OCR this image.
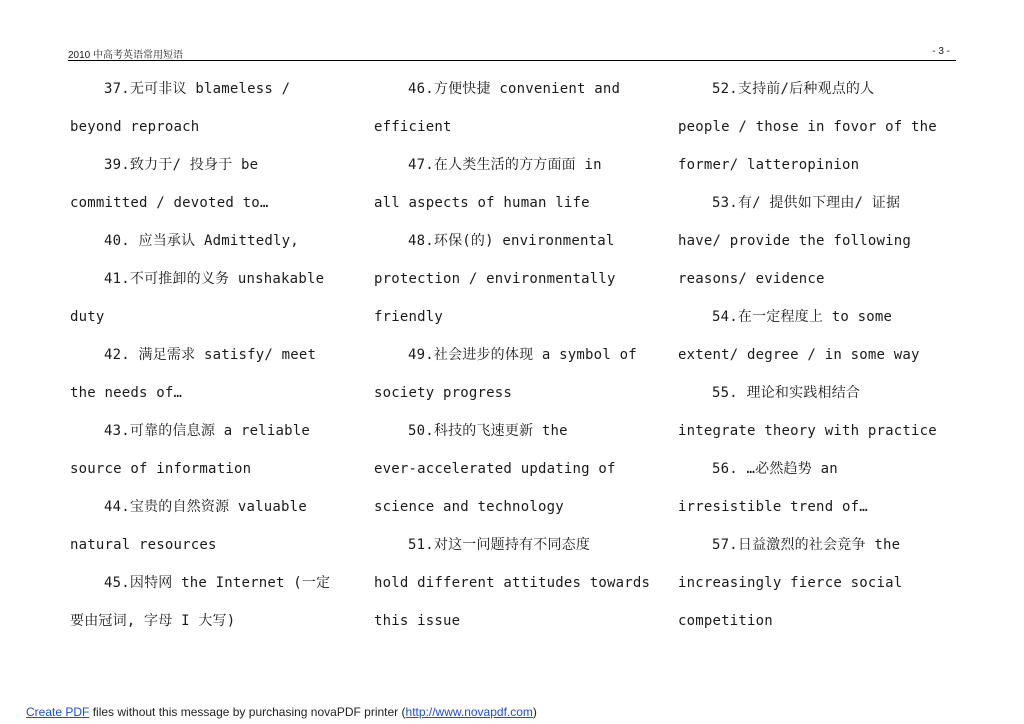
2010 中高考英语常用短语	- 3 -
37.无可非议 blameless /
beyond reproach
39.致力于/ 投身于 be
committed / devoted to…
40. 应当承认 Admittedly,
41.不可推卸的义务 unshakable
duty
42. 满足需求 satisfy/ meet
the needs of…
43.可靠的信息源 a reliable
source of information
44.宝贵的自然资源 valuable
natural resources
45.因特网 the Internet (一定
要由冠词, 字母 I 大写)
46.方便快捷 convenient and
efficient
47.在人类生活的方方面面 in
all aspects of human life
48.环保(的) environmental
protection / environmentally
friendly
49.社会进步的体现 a symbol of
society progress
50.科技的飞速更新 the
ever-accelerated updating of
science and technology
51.对这一问题持有不同态度
hold different attitudes towards
this issue
52.支持前/后种观点的人
people / those in fovor of the
former/ latteropinion
53.有/ 提供如下理由/ 证据
have/ provide the following
reasons/ evidence
54.在一定程度上 to some
extent/ degree / in some way
55. 理论和实践相结合
integrate theory with practice
56. …必然趋势 an
irresistible trend of…
57.日益激烈的社会竞争 the
increasingly fierce social
competition
Create PDF files without this message by purchasing novaPDF printer (http://www.novapdf.com)
